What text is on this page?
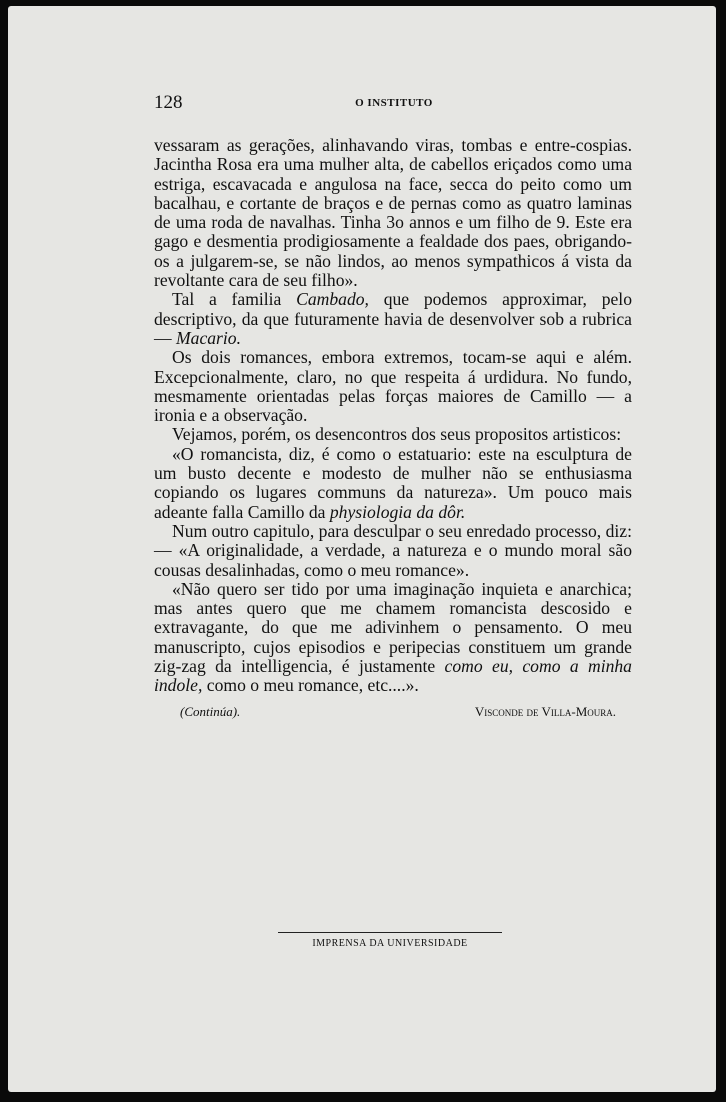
128	O INSTITUTO

vessaram as gerações, alinhavando viras, tombas e entre-cospias. Jacintha Rosa era uma mulher alta, de cabellos eriçados como uma estriga, escavacada e angulosa na face, secca do peito como um bacalhau, e cortante de braços e de pernas como as quatro laminas de uma roda de navalhas. Tinha 3o annos e um filho de 9. Este era gago e desmentia prodigiosamente a fealdade dos paes, obrigando-os a julgarem-se, se não lindos, ao menos sympathicos á vista da revoltante cara de seu filho».

Tal a familia Cambado, que podemos approximar, pelo descriptivo, da que futuramente havia de desenvolver sob a rubrica — Macario.

Os dois romances, embora extremos, tocam-se aqui e além. Excepcionalmente, claro, no que respeita á urdidura. No fundo, mesmamente orientadas pelas forças maiores de Camillo — a ironia e a observação.

Vejamos, porém, os desencontros dos seus propositos artisticos:

«O romancista, diz, é como o estatuario: este na esculptura de um busto decente e modesto de mulher não se enthusiasma copiando os lugares communs da natureza». Um pouco mais adeante falla Camillo da physiologia da dôr.

Num outro capitulo, para desculpar o seu enredado processo, diz: — «A originalidade, a verdade, a natureza e o mundo moral são cousas desalinhadas, como o meu romance».

«Não quero ser tido por uma imaginação inquieta e anarchica; mas antes quero que me chamem romancista descosido e extravagante, do que me adivinhem o pensamento. O meu manuscripto, cujos episodios e peripecias constituem um grande zig-zag da intelligencia, é justamente como eu, como a minha indole, como o meu romance, etc....».

(Continúa).	Visconde de Villa-Moura.
IMPRENSA DA UNIVERSIDADE
